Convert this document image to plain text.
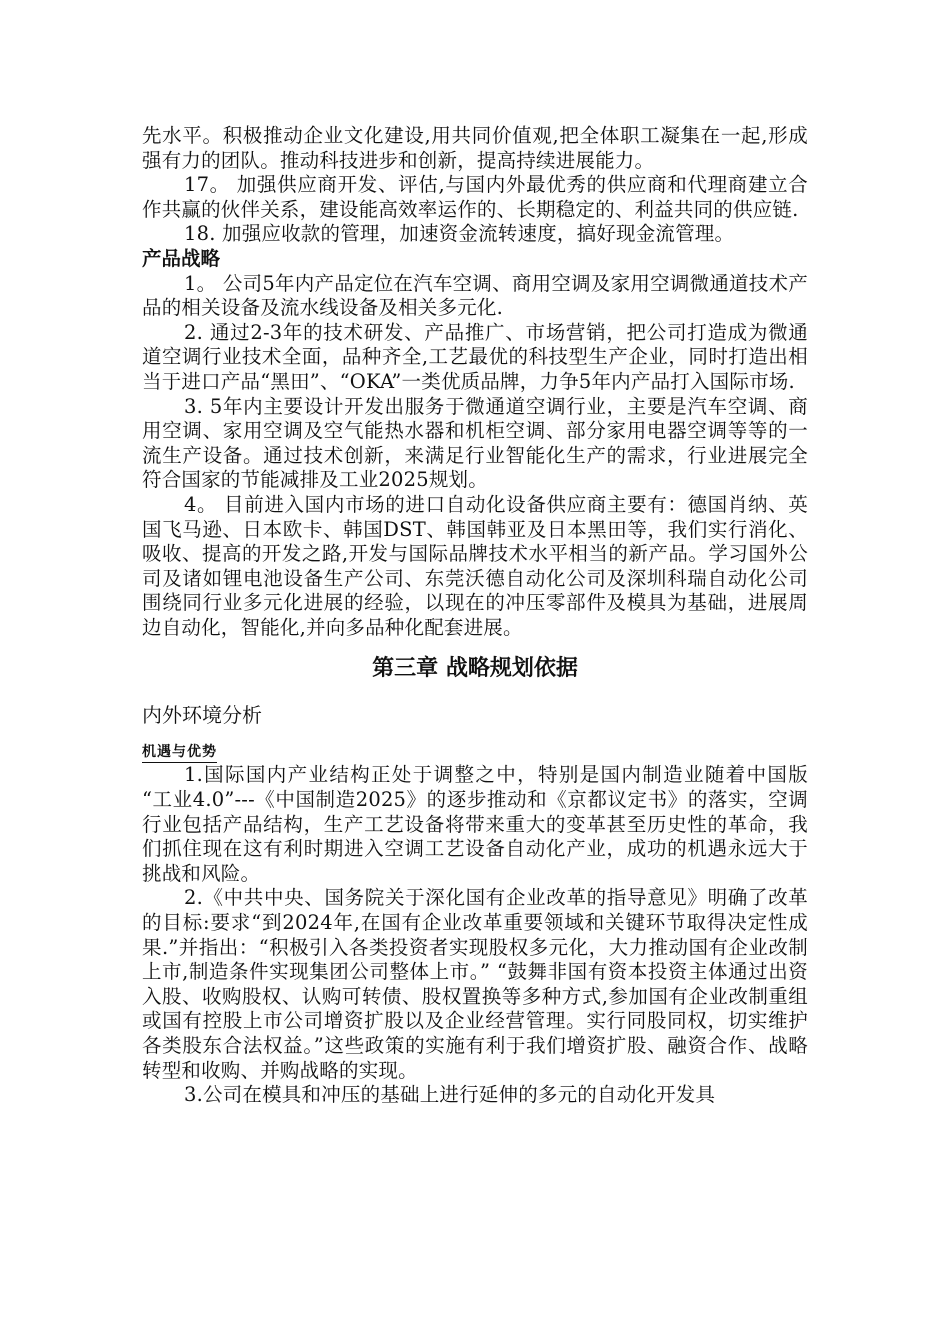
先水平。积极推动企业文化建设,用共同价值观,把全体职工凝集在一起,形成强有力的团队。推动科技进步和创新，提高持续进展能力。

17。 加强供应商开发、评估,与国内外最优秀的供应商和代理商建立合作共赢的伙伴关系，建设能高效率运作的、长期稳定的、利益共同的供应链.

18. 加强应收款的管理，加速资金流转速度，搞好现金流管理。

产品战略

1。 公司5年内产品定位在汽车空调、商用空调及家用空调微通道技术产品的相关设备及流水线设备及相关多元化.

2. 通过2-3年的技术研发、产品推广、市场营销，把公司打造成为微通道空调行业技术全面，品种齐全,工艺最优的科技型生产企业，同时打造出相当于进口产品“黑田”、“OKA”一类优质品牌，力争5年内产品打入国际市场.

3. 5年内主要设计开发出服务于微通道空调行业，主要是汽车空调、商用空调、家用空调及空气能热水器和机柜空调、部分家用电器空调等等的一流生产设备。通过技术创新，来满足行业智能化生产的需求，行业进展完全符合国家的节能减排及工业2025规划。

4。 目前进入国内市场的进口自动化设备供应商主要有：德国肖纳、英国飞马逊、日本欧卡、韩国DST、韩国韩亚及日本黑田等，我们实行消化、吸收、提高的开发之路,开发与国际品牌技术水平相当的新产品。学习国外公司及诸如锂电池设备生产公司、东莞沃德自动化公司及深圳科瑞自动化公司围绕同行业多元化进展的经验，以现在的冲压零部件及模具为基础，进展周边自动化，智能化,并向多品种化配套进展。

第三章 战略规划依据
内外环境分析
机遇与优势

1.国际国内产业结构正处于调整之中，特别是国内制造业随着中国版 “工业4.0”---《中国制造2025》的逐步推动和《京都议定书》的落实，空调行业包括产品结构，生产工艺设备将带来重大的变革甚至历史性的革命，我们抓住现在这有利时期进入空调工艺设备自动化产业，成功的机遇永远大于挑战和风险。

2.《中共中央、国务院关于深化国有企业改革的指导意见》明确了改革的目标:要求“到2024年,在国有企业改革重要领域和关键环节取得决定性成果.”并指出：“积极引入各类投资者实现股权多元化，大力推动国有企业改制上市,制造条件实现集团公司整体上市。” “鼓舞非国有资本投资主体通过出资入股、收购股权、认购可转债、股权置换等多种方式,参加国有企业改制重组或国有控股上市公司增资扩股以及企业经营管理。实行同股同权，切实维护各类股东合法权益。”这些政策的实施有利于我们增资扩股、融资合作、战略转型和收购、并购战略的实现。

3.公司在模具和冲压的基础上进行延伸的多元的自动化开发具
